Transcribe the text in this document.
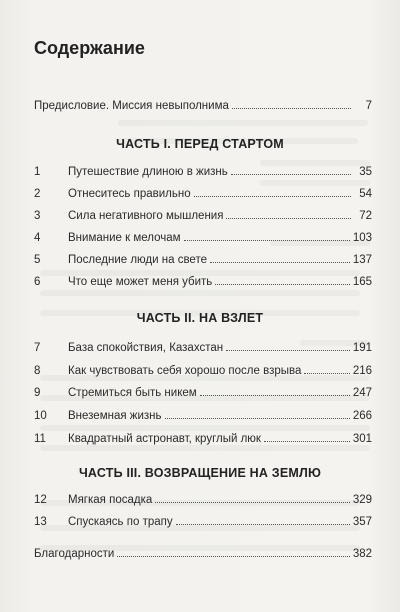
Содержание
Предисловие. Миссия невыполнима	7
ЧАСТЬ I. ПЕРЕД СТАРТОМ
1	Путешествие длиною в жизнь	35
2	Отнеситесь правильно	54
3	Сила негативного мышления	72
4	Внимание к мелочам	103
5	Последние люди на свете	137
6	Что еще может меня убить	165
ЧАСТЬ II. НА ВЗЛЕТ
7	База спокойствия, Казахстан	191
8	Как чувствовать себя хорошо после взрыва	216
9	Стремиться быть никем	247
10	Внеземная жизнь	266
11	Квадратный астронавт, круглый люк	301
ЧАСТЬ III. ВОЗВРАЩЕНИЕ НА ЗЕМЛЮ
12	Мягкая посадка	329
13	Спускаясь по трапу	357
Благодарности	382
